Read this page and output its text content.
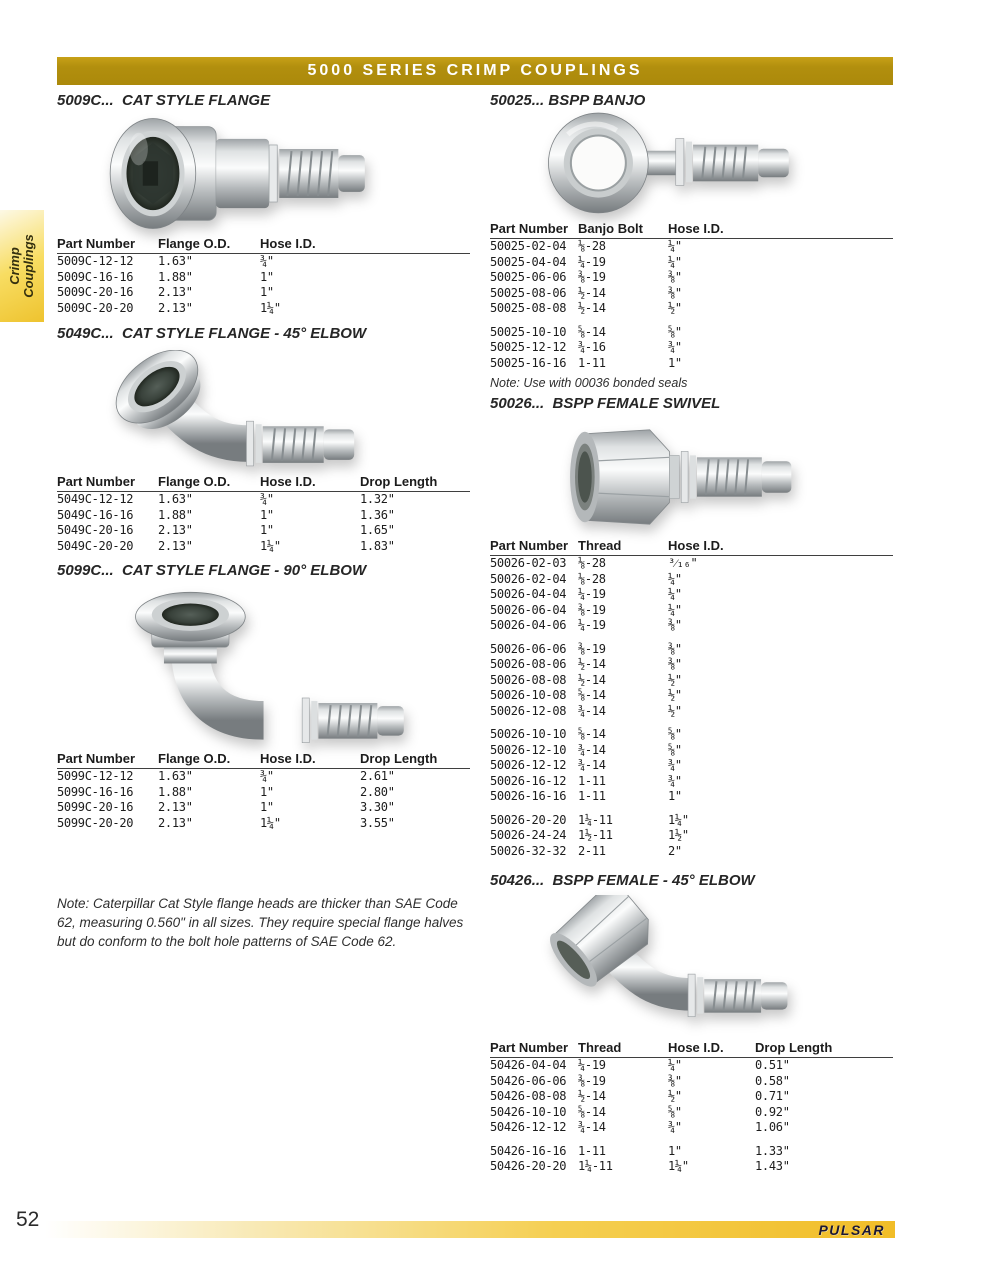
5000 SERIES CRIMP COUPLINGS
Crimp Couplings
5009C...  CAT STYLE FLANGE
Part Number	Flange O.D.	Hose I.D.
5009C-12-12	1.63"	¾"
5009C-16-16	1.88"	1"
5009C-20-16	2.13"	1"
5009C-20-20	2.13"	1¼"
5049C...  CAT STYLE FLANGE - 45° ELBOW
Part Number	Flange O.D.	Hose I.D.	Drop Length
5049C-12-12	1.63"	¾"	1.32"
5049C-16-16	1.88"	1"	1.36"
5049C-20-16	2.13"	1"	1.65"
5049C-20-20	2.13"	1¼"	1.83"
5099C...  CAT STYLE FLANGE - 90° ELBOW
Part Number	Flange O.D.	Hose I.D.	Drop Length
5099C-12-12	1.63"	¾"	2.61"
5099C-16-16	1.88"	1"	2.80"
5099C-20-16	2.13"	1"	3.30"
5099C-20-20	2.13"	1¼"	3.55"

Note: Caterpillar Cat Style flange heads are thicker than SAE Code 62, measuring 0.560" in all sizes. They require special flange halves but do conform to the bolt hole patterns of SAE Code 62.

50025... BSPP BANJO
Part Number	Banjo Bolt	Hose I.D.
50025-02-04	⅛-28	¼"
50025-04-04	¼-19	¼"
50025-06-06	⅜-19	⅜"
50025-08-06	½-14	⅜"
50025-08-08	½-14	½"

50025-10-10	⅝-14	⅝"
50025-12-12	¾-16	¾"
50025-16-16	1-11	1"

Note: Use with 00036 bonded seals

50026...  BSPP FEMALE SWIVEL
Part Number	Thread	Hose I.D.
50026-02-03	⅛-28	³⁄₁₆"
50026-02-04	⅛-28	¼"
50026-04-04	¼-19	¼"
50026-06-04	⅜-19	¼"
50026-04-06	¼-19	⅜"

50026-06-06	⅜-19	⅜"
50026-08-06	½-14	⅜"
50026-08-08	½-14	½"
50026-10-08	⅝-14	½"
50026-12-08	¾-14	½"

50026-10-10	⅝-14	⅝"
50026-12-10	¾-14	⅝"
50026-12-12	¾-14	¾"
50026-16-12	1-11	¾"
50026-16-16	1-11	1"

50026-20-20	1¼-11	1¼"
50026-24-24	1½-11	1½"
50026-32-32	2-11	2"
50426...  BSPP FEMALE - 45° ELBOW
Part Number	Thread	Hose I.D.	Drop Length
50426-04-04	¼-19	¼"	0.51"
50426-06-06	⅜-19	⅜"	0.58"
50426-08-08	½-14	½"	0.71"
50426-10-10	⅝-14	⅝"	0.92"
50426-12-12	¾-14	¾"	1.06"

50426-16-16	1-11	1"	1.33"
50426-20-20	1¼-11	1¼"	1.43"
52	PULSAR
